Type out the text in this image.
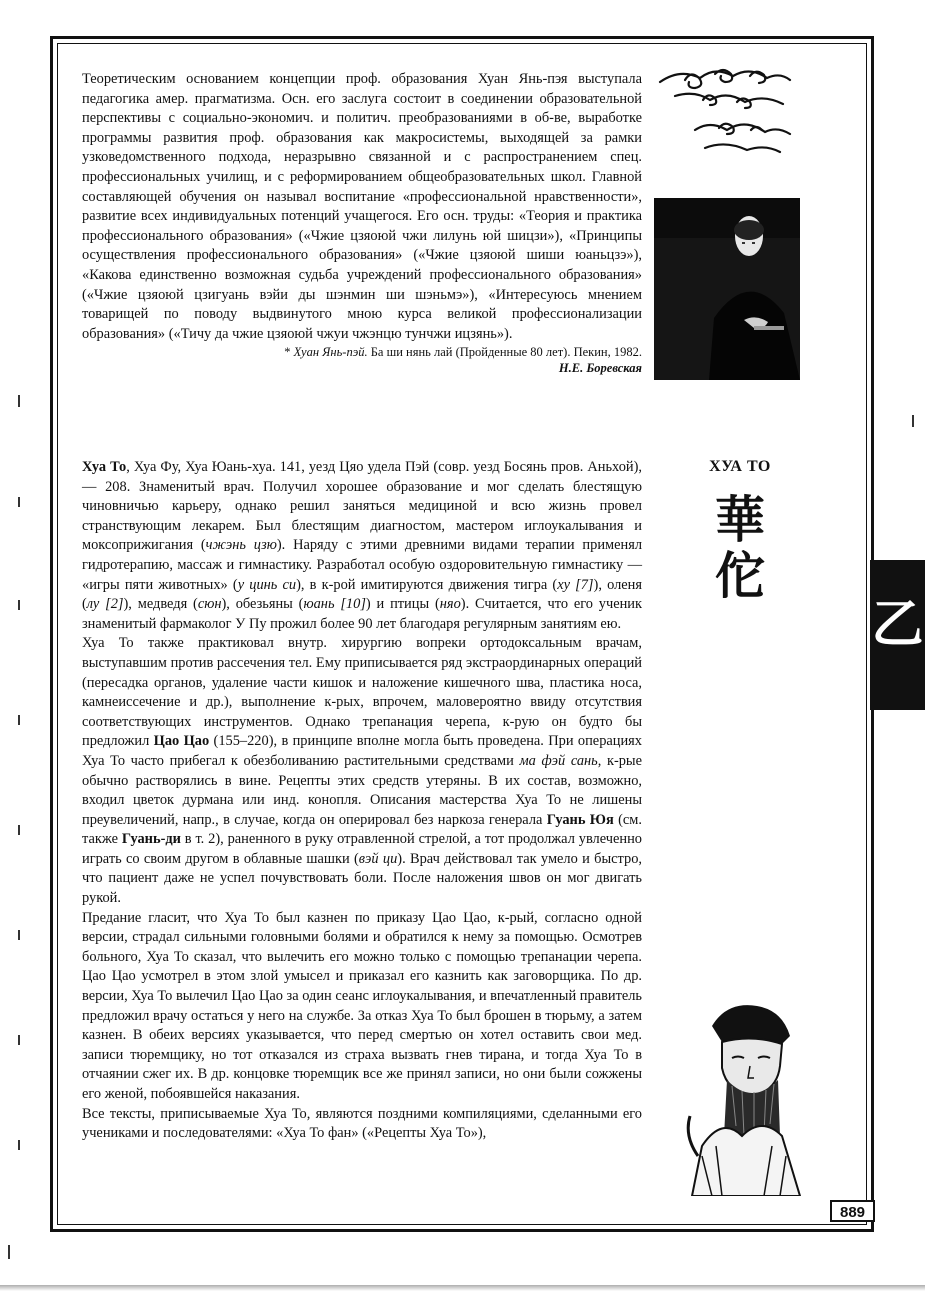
Теоретическим основанием концепции проф. образования Хуан Янь-пэя выступала педагогика амер. прагматизма. Осн. его заслуга состоит в соединении образовательной перспективы с социально-экономич. и политич. преобразованиями в об-ве, выработке программы развития проф. образования как макросистемы, выходящей за рамки узковедомственного подхода, неразрывно связанной и с распространением спец. профессиональных училищ, и с реформированием общеобразовательных школ. Главной составляющей обучения он называл воспитание «профессиональной нравственности», развитие всех индивидуальных потенций учащегося. Его осн. труды: «Теория и практика профессионального образования» («Чжие цзяоюй чжи лилунь юй шицзи»), «Принципы осуществления профессионального образования» («Чжие цзяоюй шиши юаньцзэ»), «Какова единственно возможная судьба учреждений профессионального образования» («Чжие цзяоюй цзигуань вэйи ды шэнмин ши шэньмэ»), «Интересуюсь мнением товарищей по поводу выдвинутого мною курса великой профессионализации образования» («Тичу да чжие цзяоюй чжуи чжэнцю тунчжи ицзянь»).

* Хуан Янь-пэй. Ба ши нянь лай (Пройденные 80 лет). Пекин, 1982.

Н.Е. Боревская

ХУА ТО
華
佗

Хуа То, Хуа Фу, Хуа Юань-хуа. 141, уезд Цяо удела Пэй (совр. уезд Босянь пров. Аньхой), — 208. Знаменитый врач. Получил хорошее образование и мог сделать блестящую чиновничью карьеру, однако решил заняться медициной и всю жизнь провел странствующим лекарем. Был блестящим диагностом, мастером иглоукалывания и моксоприжигания (чжэнь цзю). Наряду с этими древними видами терапии применял гидротерапию, массаж и гимнастику. Разработал особую оздоровительную гимнастику — «игры пяти животных» (у цинь си), в к-рой имитируются движения тигра (ху [7]), оленя (лу [2]), медведя (сюн), обезьяны (юань [10]) и птицы (няо). Считается, что его ученик знаменитый фармаколог У Пу прожил более 90 лет благодаря регулярным занятиям ею.

Хуа То также практиковал внутр. хирургию вопреки ортодоксальным врачам, выступавшим против рассечения тел. Ему приписывается ряд экстраординарных операций (пересадка органов, удаление части кишок и наложение кишечного шва, пластика носа, камнеиссечение и др.), выполнение к-рых, впрочем, маловероятно ввиду отсутствия соответствующих инструментов. Однако трепанация черепа, к-рую он будто бы предложил Цао Цао (155–220), в принципе вполне могла быть проведена. При операциях Хуа То часто прибегал к обезболиванию растительными средствами ма фэй сань, к-рые обычно растворялись в вине. Рецепты этих средств утеряны. В их состав, возможно, входил цветок дурмана или инд. конопля. Описания мастерства Хуа То не лишены преувеличений, напр., в случае, когда он оперировал без наркоза генерала Гуань Юя (см. также Гуань-ди в т. 2), раненного в руку отравленной стрелой, а тот продолжал увлеченно играть со своим другом в облавные шашки (вэй ци). Врач действовал так умело и быстро, что пациент даже не успел почувствовать боли. После наложения швов он мог двигать рукой.

Предание гласит, что Хуа То был казнен по приказу Цао Цао, к-рый, согласно одной версии, страдал сильными головными болями и обратился к нему за помощью. Осмотрев больного, Хуа То сказал, что вылечить его можно только с помощью трепанации черепа. Цао Цао усмотрел в этом злой умысел и приказал его казнить как заговорщика. По др. версии, Хуа То вылечил Цао Цао за один сеанс иглоукалывания, и впечатленный правитель предложил врачу остаться у него на службе. За отказ Хуа То был брошен в тюрьму, а затем казнен. В обеих версиях указывается, что перед смертью он хотел оставить свои мед. записи тюремщику, но тот отказался из страха вызвать гнев тирана, и тогда Хуа То в отчаянии сжег их. В др. концовке тюремщик все же принял записи, но они были сожжены его женой, побоявшейся наказания.

Все тексты, приписываемые Хуа То, являются поздними компиляциями, сделанными его учениками и последователями: «Хуа То фан» («Рецепты Хуа То»),

乙
889
